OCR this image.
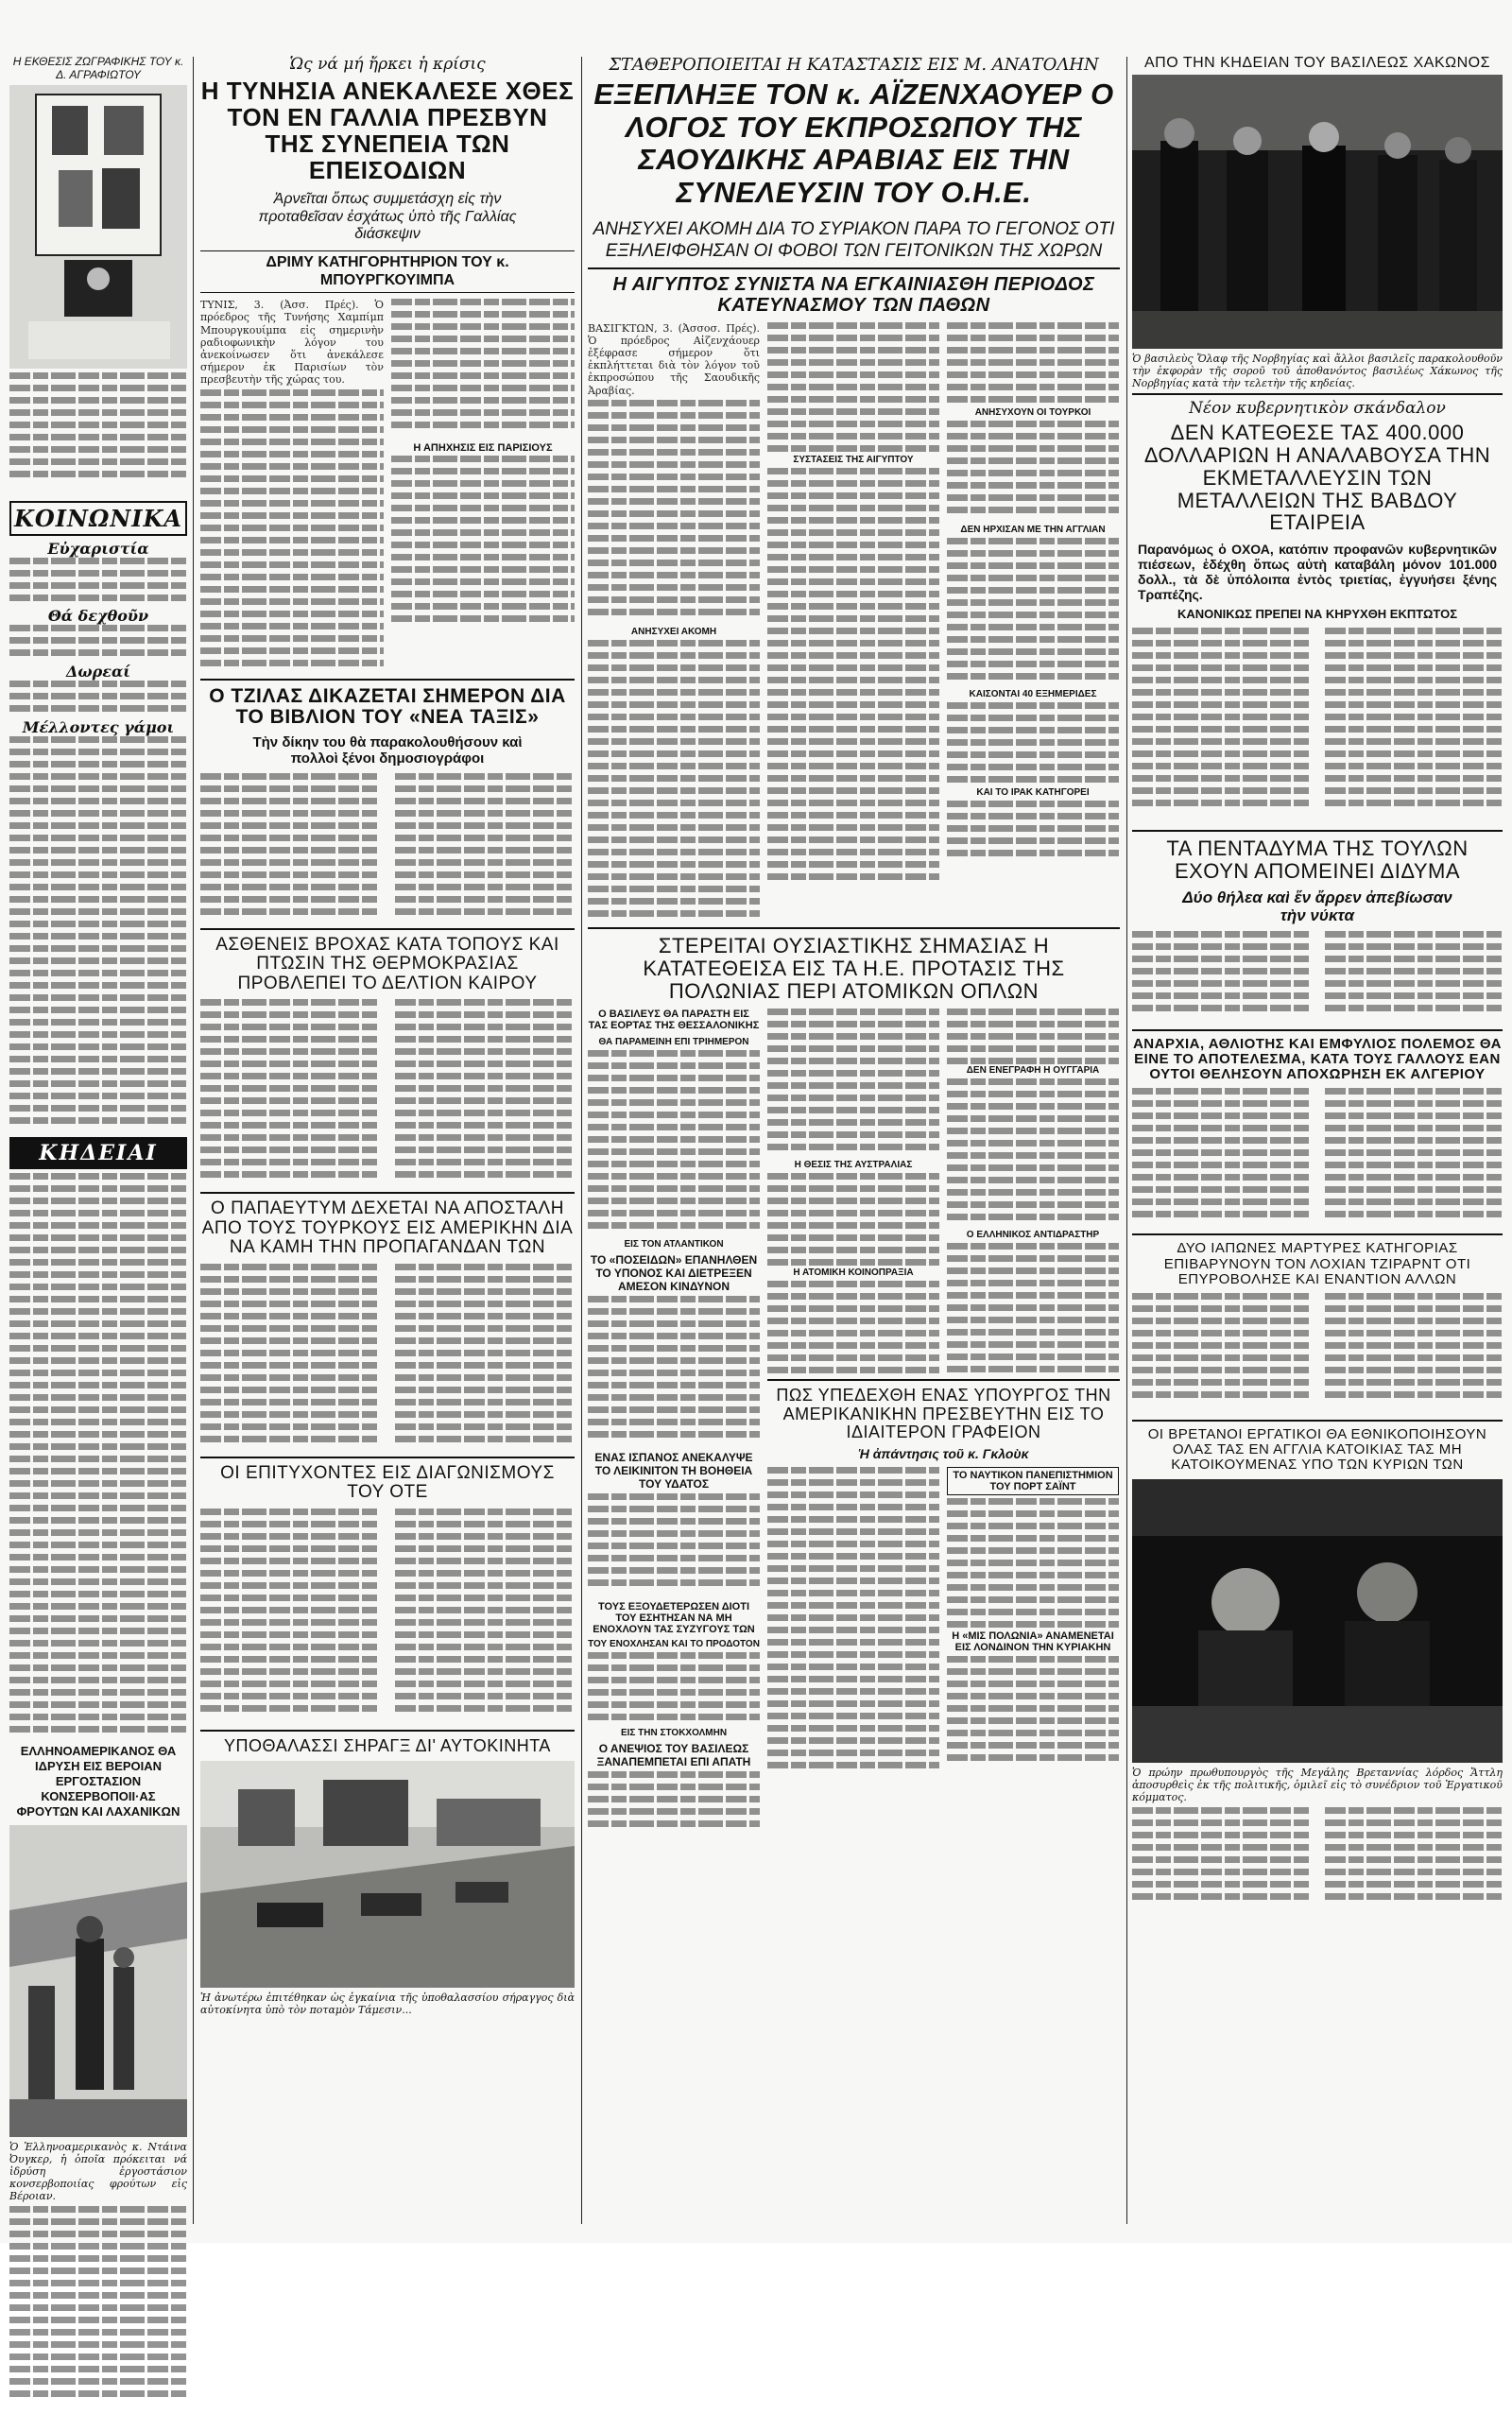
Η ΕΚΘΕΣΙΣ ΖΩΓΡΑΦΙΚΗΣ ΤΟΥ κ. Δ. ΑΓΡΑΦΙΩΤΟΥ
ΚΟΙΝΩΝΙΚΑ
Εὐχαριστία
Θά δεχθοῦν
Δωρεαί
Μέλλοντες γάμοι
ΚΗΔΕΙΑΙ
ΕΛΛΗΝΟΑΜΕΡΙΚΑΝΟΣ ΘΑ ΙΔΡΥΣΗ ΕΙΣ ΒΕΡΟΙΑΝ ΕΡΓΟΣΤΑΣΙΟΝ ΚΟΝΣΕΡΒΟΠΟΙΙ·ΑΣ ΦΡΟΥΤΩΝ ΚΑΙ ΛΑΧΑΝΙΚΩΝ
Ὁ Ἑλληνοαμερικανὸς κ. Ντάινα Ὀυγκερ, ἡ ὁποῖα πρόκειται νά ἱδρύση ἐργοστάσιον κονσερβοποιίας φρούτων εἰς Βέροιαν.
Ὡς νά μή ἤρκει ἡ κρίσις
Η ΤΥΝΗΣΙΑ ΑΝΕΚΑΛΕΣΕ ΧΘΕΣ ΤΟΝ ΕΝ ΓΑΛΛΙΑ ΠΡΕΣΒΥΝ ΤΗΣ ΣΥΝΕΠΕΙΑ ΤΩΝ ΕΠΕΙΣΟΔΙΩΝ
Ἀρνεῖται ὅπως συμμετάσχη εἰς τὴν προταθεῖσαν ἐσχάτως ὑπὸ τῆς Γαλλίας διάσκεψιν
ΔΡΙΜΥ ΚΑΤΗΓΟΡΗΤΗΡΙΟΝ ΤΟΥ κ. ΜΠΟΥΡΓΚΟΥΙΜΠΑ
ΤΥΝΙΣ, 3. (Ἀσσ. Πρές). Ὁ πρόεδρος τῆς Τυνήσης Χαμπίμπ Μπουργκουίμπα εἰς σημερινὴν ραδιοφωνικὴν λόγον του ἀνεκοίνωσεν ὅτι ἀνεκάλεσε σήμερον ἐκ Παρισίων τὸν πρεσβευτὴν τῆς χώρας του.
Η ΑΠΗΧΗΣΙΣ ΕΙΣ ΠΑΡΙΣΙΟΥΣ
Ο ΤΖΙΛΑΣ ΔΙΚΑΖΕΤΑΙ ΣΗΜΕΡΟΝ ΔΙΑ ΤΟ ΒΙΒΛΙΟΝ ΤΟΥ «ΝΕΑ ΤΑΞΙΣ»
Τὴν δίκην του θὰ παρακολουθήσουν καὶ πολλοὶ ξένοι δημοσιογράφοι
ΑΣΘΕΝΕΙΣ ΒΡΟΧΑΣ ΚΑΤΑ ΤΟΠΟΥΣ ΚΑΙ ΠΤΩΣΙΝ ΤΗΣ ΘΕΡΜΟΚΡΑΣΙΑΣ ΠΡΟΒΛΕΠΕΙ ΤΟ ΔΕΛΤΙΟΝ ΚΑΙΡΟΥ
Ο ΠΑΠΑΕΥΤΥΜ ΔΕΧΕΤΑΙ ΝΑ ΑΠΟΣΤΑΛΗ ΑΠΟ ΤΟΥΣ ΤΟΥΡΚΟΥΣ ΕΙΣ ΑΜΕΡΙΚΗΝ ΔΙΑ ΝΑ ΚΑΜΗ ΤΗΝ ΠΡΟΠΑΓΑΝΔΑΝ ΤΩΝ
ΟΙ ΕΠΙΤΥΧΟΝΤΕΣ ΕΙΣ ΔΙΑΓΩΝΙΣΜΟΥΣ ΤΟΥ ΟΤΕ
ΥΠΟΘΑΛΑΣΣΙ ΣΗΡΑΓΞ ΔΙ' ΑΥΤΟΚΙΝΗΤΑ
Ἡ ἀνωτέρω ἐπιτέθηκαν ὡς ἐγκαίνια τῆς ὑποθαλασσίου σήραγγος διὰ αὐτοκίνητα ὑπὸ τὸν ποταμὸν Τάμεσιν...
ΣΤΑΘΕΡΟΠΟΙΕΙΤΑΙ Η ΚΑΤΑΣΤΑΣΙΣ ΕΙΣ Μ. ΑΝΑΤΟΛΗΝ
ΕΞΕΠΛΗΞΕ ΤΟΝ κ. ΑΪΖΕΝΧΑΟΥΕΡ Ο ΛΟΓΟΣ ΤΟΥ ΕΚΠΡΟΣΩΠΟΥ ΤΗΣ ΣΑΟΥΔΙΚΗΣ ΑΡΑΒΙΑΣ ΕΙΣ ΤΗΝ ΣΥΝΕΛΕΥΣΙΝ ΤΟΥ Ο.Η.Ε.
ΑΝΗΣΥΧΕΙ ΑΚΟΜΗ ΔΙΑ ΤΟ ΣΥΡΙΑΚΟΝ ΠΑΡΑ ΤΟ ΓΕΓΟΝΟΣ ΟΤΙ ΕΞΗΛΕΙΦΘΗΣΑΝ ΟΙ ΦΟΒΟΙ ΤΩΝ ΓΕΙΤΟΝΙΚΩΝ ΤΗΣ ΧΩΡΩΝ
Η ΑΙΓΥΠΤΟΣ ΣΥΝΙΣΤΑ ΝΑ ΕΓΚΑΙΝΙΑΣΘΗ ΠΕΡΙΟΔΟΣ ΚΑΤΕΥΝΑΣΜΟΥ ΤΩΝ ΠΑΘΩΝ
ΒΑΣΙΓΚΤΩΝ, 3. (Ἀσσοσ. Πρές). Ὁ πρόεδρος Αἰζενχάουερ ἐξέφρασε σήμερον ὅτι ἐκπλήττεται διὰ τὸν λόγον τοῦ ἐκπροσώπου τῆς Σαουδικῆς Ἀραβίας.
ΑΝΗΣΥΧΕΙ ΑΚΟΜΗ
ΣΥΣΤΑΣΕΙΣ ΤΗΣ ΑΙΓΥΠΤΟΥ
ΑΝΗΣΥΧΟΥΝ ΟΙ ΤΟΥΡΚΟΙ
ΔΕΝ ΗΡΧΙΣΑΝ ΜΕ ΤΗΝ ΑΓΓΛΙΑΝ
ΚΑΙΣΟΝΤΑΙ 40 ΕΞΗΜΕΡΙΔΕΣ
ΚΑΙ ΤΟ ΙΡΑΚ ΚΑΤΗΓΟΡΕΙ
ΣΤΕΡΕΙΤΑΙ ΟΥΣΙΑΣΤΙΚΗΣ ΣΗΜΑΣΙΑΣ Η ΚΑΤΑΤΕΘΕΙΣΑ ΕΙΣ ΤΑ Η.Ε. ΠΡΟΤΑΣΙΣ ΤΗΣ ΠΟΛΩΝΙΑΣ ΠΕΡΙ ΑΤΟΜΙΚΩΝ ΟΠΛΩΝ
Ο ΒΑΣΙΛΕΥΣ ΘΑ ΠΑΡΑΣΤΗ ΕΙΣ ΤΑΣ ΕΟΡΤΑΣ ΤΗΣ ΘΕΣΣΑΛΟΝΙΚΗΣ
ΘΑ ΠΑΡΑΜΕΙΝΗ ΕΠΙ ΤΡΙΗΜΕΡΟΝ
ΕΙΣ ΤΟΝ ΑΤΛΑΝΤΙΚΟΝ
ΤΟ «ΠΟΣΕΙΔΩΝ» ΕΠΑΝΗΛΘΕΝ ΤΟ ΥΠΟΝΟΣ ΚΑΙ ΔΙΕΤΡΕΞΕΝ ΑΜΕΣΟΝ ΚΙΝΔΥΝΟΝ
ΕΝΑΣ ΙΣΠΑΝΟΣ ΑΝΕΚΑΛΥΨΕ ΤΟ ΛΕΙΚΙΝΙΤΟΝ ΤΗ ΒΟΗΘΕΙΑ ΤΟΥ ΥΔΑΤΟΣ
ΤΟΥΣ ΕΞΟΥΔΕΤΕΡΩΣΕΝ ΔΙΟΤΙ ΤΟΥ ΕΣΗΤΗΣΑΝ ΝΑ ΜΗ ΕΝΟΧΛΟΥΝ ΤΑΣ ΣΥΖΥΓΟΥΣ ΤΩΝ
ΤΟΥ ΕΝΟΧΛΗΣΑΝ ΚΑΙ ΤΟ ΠΡΟΔΟΤΟΝ
ΕΙΣ ΤΗΝ ΣΤΟΚΧΟΛΜΗΝ
Ο ΑΝΕΨΙΟΣ ΤΟΥ ΒΑΣΙΛΕΩΣ ΞΑΝΑΠΕΜΠΕΤΑΙ ΕΠΙ ΑΠΑΤΗ
Η ΘΕΣΙΣ ΤΗΣ ΑΥΣΤΡΑΛΙΑΣ
Η ΑΤΟΜΙΚΗ ΚΟΙΝΟΠΡΑΞΙΑ
ΔΕΝ ΕΝΕΓΡΑΦΗ Η ΟΥΓΓΑΡΙΑ
Ο ΕΛΛΗΝΙΚΟΣ ΑΝΤΙΔΡΑΣΤΗΡ
ΠΩΣ ΥΠΕΔΕΧΘΗ ΕΝΑΣ ΥΠΟΥΡΓΟΣ ΤΗΝ ΑΜΕΡΙΚΑΝΙΚΗΝ ΠΡΕΣΒΕΥΤΗΝ ΕΙΣ ΤΟ ΙΔΙΑΙΤΕΡΟΝ ΓΡΑΦΕΙΟΝ
Ἡ ἀπάντησις τοῦ κ. Γκλοὺκ
ΤΟ ΝΑΥΤΙΚΟΝ ΠΑΝΕΠΙΣΤΗΜΙΟΝ ΤΟΥ ΠΟΡΤ ΣΑΪΝΤ
Η «ΜΙΣ ΠΟΛΩΝΙΑ» ΑΝΑΜΕΝΕΤΑΙ ΕΙΣ ΛΟΝΔΙΝΟΝ ΤΗΝ ΚΥΡΙΑΚΗΝ
ΑΠΟ ΤΗΝ ΚΗΔΕΙΑΝ ΤΟΥ ΒΑΣΙΛΕΩΣ ΧΑΚΩΝΟΣ
Ὁ βασιλεὺς Ὄλαφ τῆς Νορβηγίας καὶ ἄλλοι βασιλεῖς παρακολουθοῦν τὴν ἐκφορὰν τῆς σοροῦ τοῦ ἀποθανόντος βασιλέως Χάκωνος τῆς Νορβηγίας κατὰ τὴν τελετὴν τῆς κηδείας.
Νέον κυβερνητικὸν σκάνδαλον
ΔΕΝ ΚΑΤΕΘΕΣΕ ΤΑΣ 400.000 ΔΟΛΛΑΡΙΩΝ Η ΑΝΑΛΑΒΟΥΣΑ ΤΗΝ ΕΚΜΕΤΑΛΛΕΥΣΙΝ ΤΩΝ ΜΕΤΑΛΛΕΙΩΝ ΤΗΣ ΒΑΒΔΟΥ ΕΤΑΙΡΕΙΑ
Παρανόμως ὁ ΟΧΟΑ, κατόπιν προφανῶν κυβερνητικῶν πιέσεων, ἐδέχθη ὅπως αὐτὴ καταβάλη μόνον 101.000 δολλ., τὰ δὲ ὑπόλοιπα ἐντὸς τριετίας, ἐγγυήσει ξένης Τραπέζης.
ΚΑΝΟΝΙΚΩΣ ΠΡΕΠΕΙ ΝΑ ΚΗΡΥΧΘΗ ΕΚΠΤΩΤΟΣ
ΤΑ ΠΕΝΤΑΔΥΜΑ ΤΗΣ ΤΟΥΛΩΝ ΕΧΟΥΝ ΑΠΟΜΕΙΝΕΙ ΔΙΔΥΜΑ
Δύο θήλεα καὶ ἕν ἄρρεν ἀπεβίωσαν τὴν νύκτα
ΑΝΑΡΧΙΑ, ΑΘΛΙΟΤΗΣ ΚΑΙ ΕΜΦΥΛΙΟΣ ΠΟΛΕΜΟΣ ΘΑ ΕΙΝΕ ΤΟ ΑΠΟΤΕΛΕΣΜΑ, ΚΑΤΑ ΤΟΥΣ ΓΑΛΛΟΥΣ ΕΑΝ ΟΥΤΟΙ ΘΕΛΗΣΟΥΝ ΑΠΟΧΩΡΗΣΗ ΕΚ ΑΛΓΕΡΙΟΥ
ΔΥΟ ΙΑΠΩΝΕΣ ΜΑΡΤΥΡΕΣ ΚΑΤΗΓΟΡΙΑΣ ΕΠΙΒΑΡΥΝΟΥΝ ΤΟΝ ΛΟΧΙΑΝ ΤΖΙΡΑΡΝΤ ΟΤΙ ΕΠΥΡΟΒΟΛΗΣΕ ΚΑΙ ΕΝΑΝΤΙΟΝ ΑΛΛΩΝ
ΟΙ ΒΡΕΤΑΝΟΙ ΕΡΓΑΤΙΚΟΙ ΘΑ ΕΘΝΙΚΟΠΟΙΗΣΟΥΝ ΟΛΑΣ ΤΑΣ ΕΝ ΑΓΓΛΙΑ ΚΑΤΟΙΚΙΑΣ ΤΑΣ ΜΗ ΚΑΤΟΙΚΟΥΜΕΝΑΣ ΥΠΟ ΤΩΝ ΚΥΡΙΩΝ ΤΩΝ
Ὁ πρώην πρωθυπουργὸς τῆς Μεγάλης Βρεταννίας λόρδος Ἄττλη ἀποσυρθεὶς ἐκ τῆς πολιτικῆς, ὁμιλεῖ εἰς τὸ συνέδριον τοῦ Ἐργατικοῦ κόμματος.
